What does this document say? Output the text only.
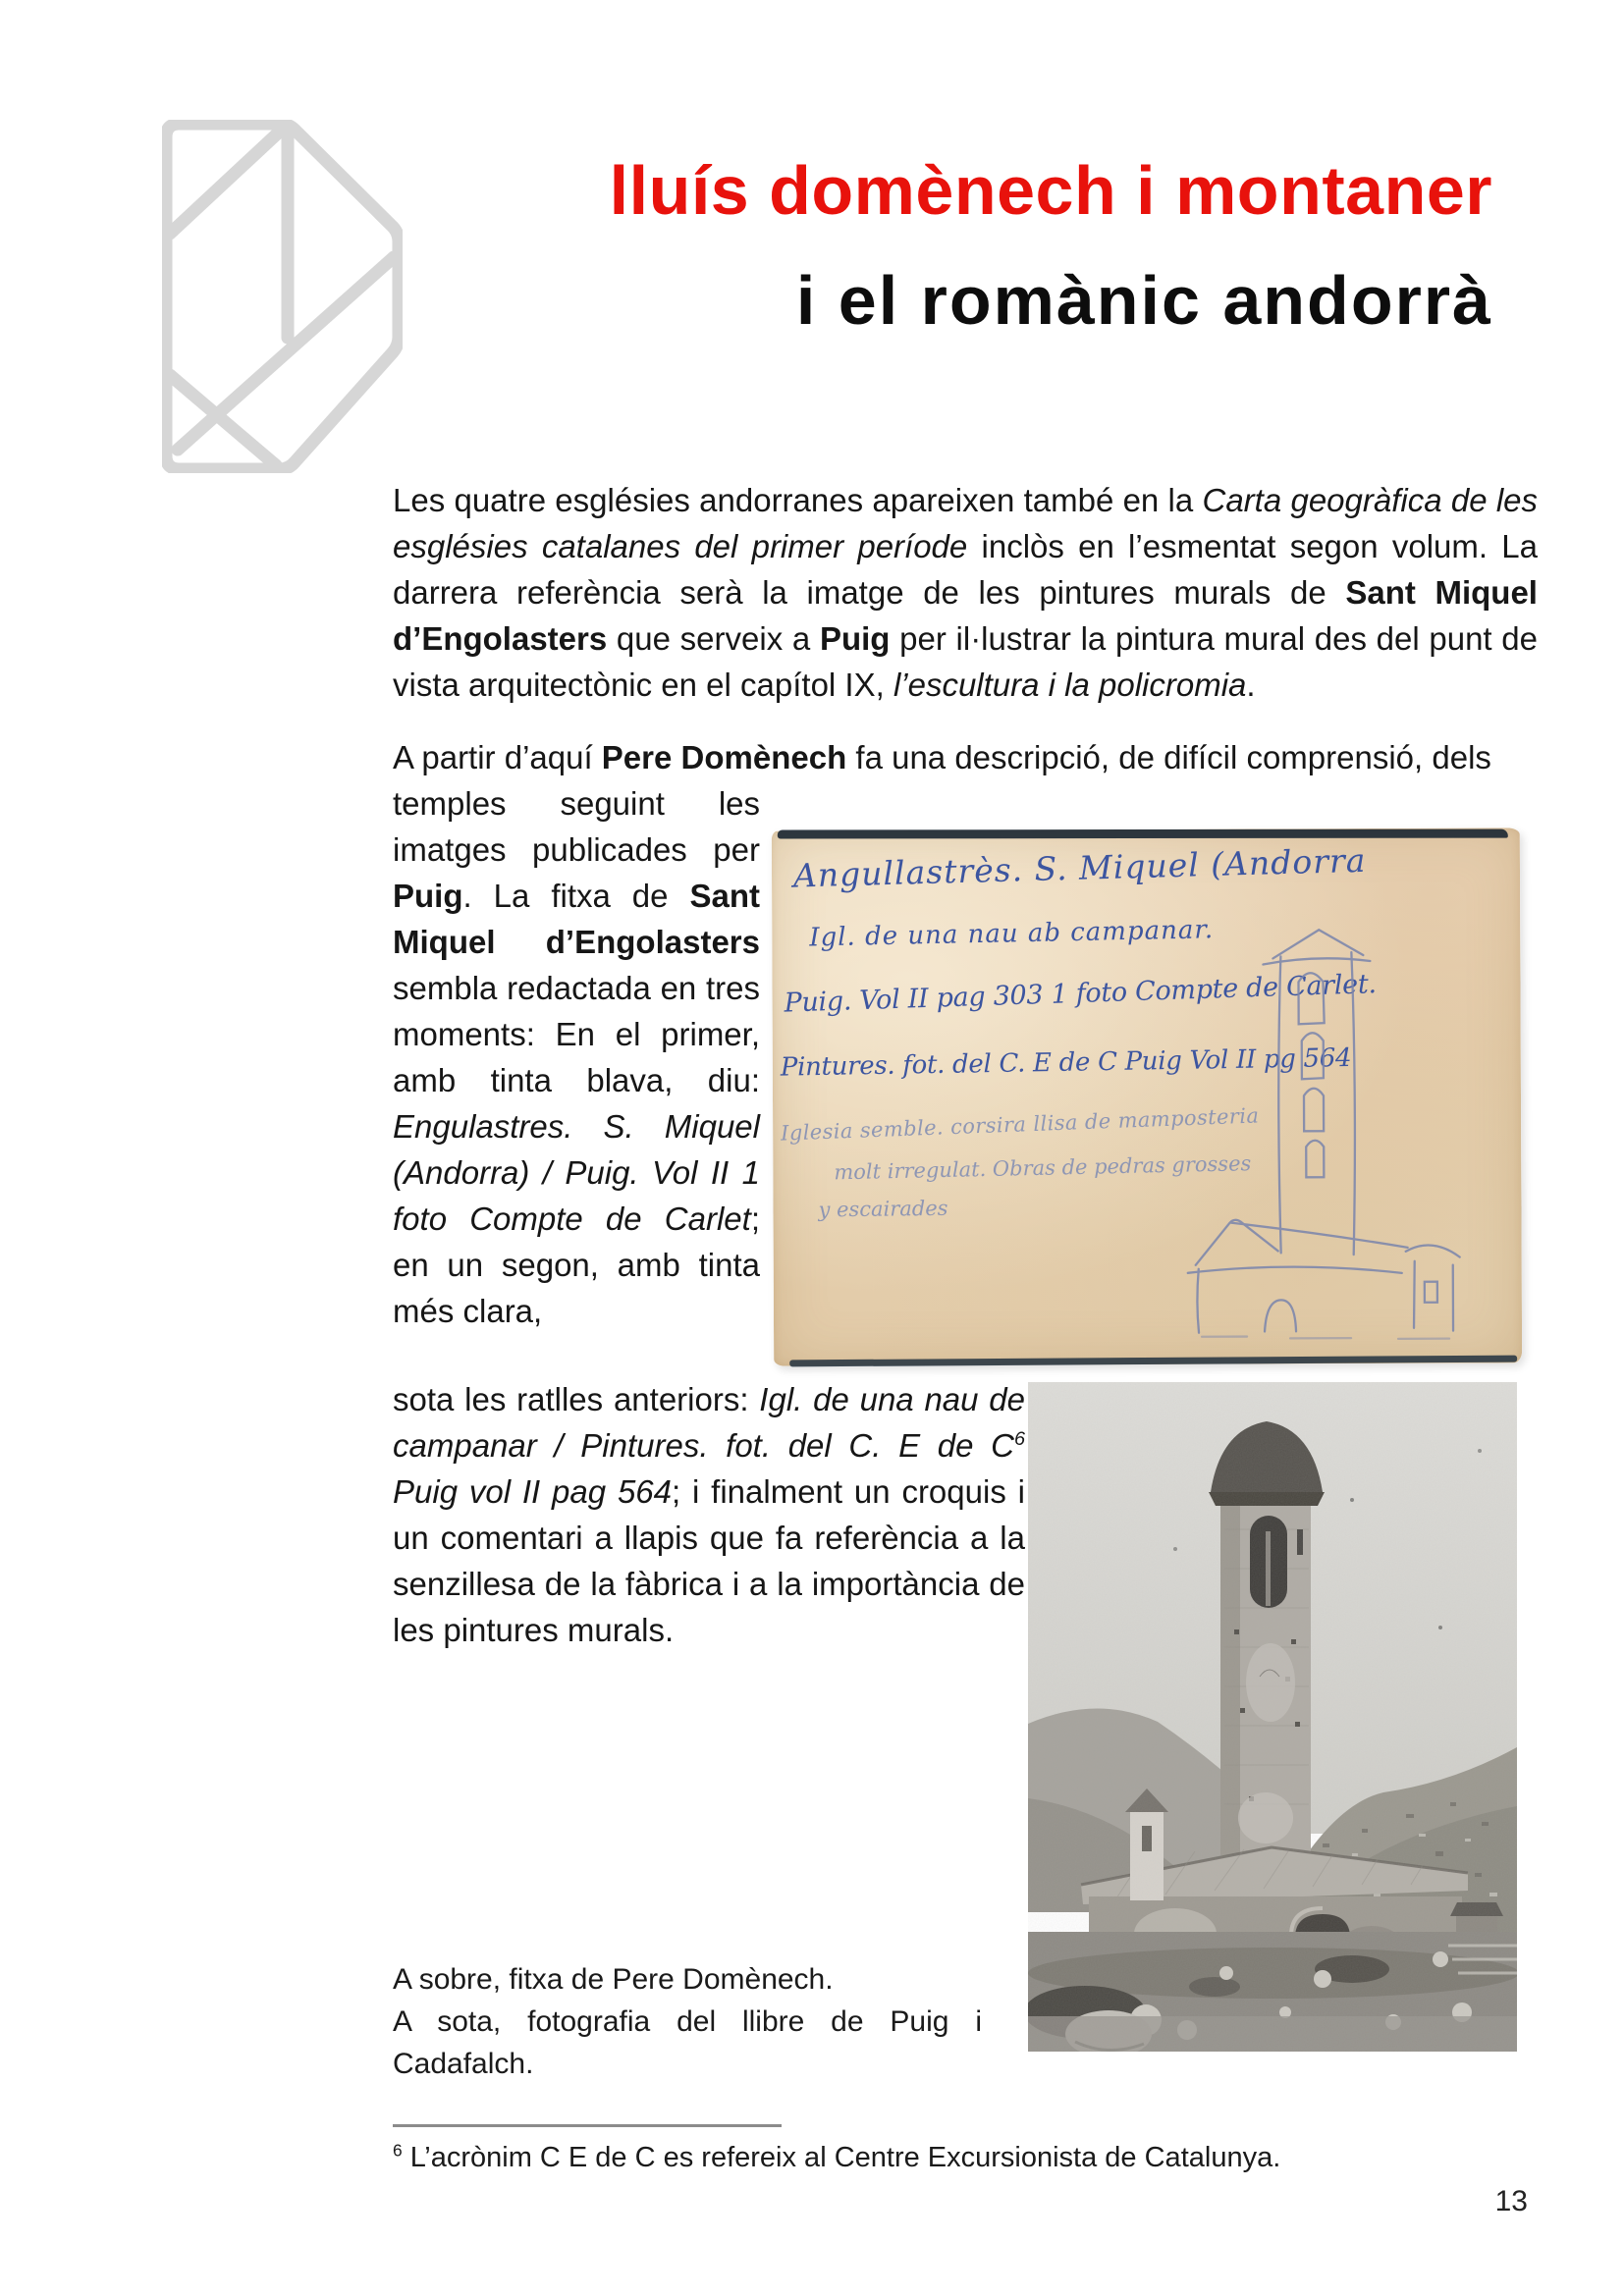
lluís domènech i montaner
i el romànic andorrà

Les quatre esglésies andorranes apareixen també en la Carta geogràfica de les esglésies catalanes del primer període inclòs en l’esmentat segon volum. La darrera referència serà la imatge de les pintures murals de Sant Miquel d’Engolasters que serveix a Puig per il·lustrar la pintura mural des del punt de vista arquitectònic en el capítol IX, l’escultura i la policromia.

A partir d’aquí Pere Domènech fa una descripció, de difícil comprensió, dels

temples seguint les imatges publicades per Puig. La fitxa de Sant Miquel d’Engolasters sembla redactada en tres moments: En el primer, amb tinta blava, diu: Engulastres. S. Miquel (Andorra) / Puig. Vol II 1 foto Compte de Carlet; en un segon, amb tinta més clara,

sota les ratlles anteriors: Igl. de una nau de campanar / Pintures. fot. del C. E de $C^6$ Puig vol II pag 564; i finalment un croquis i un comentari a llapis que fa referència a la senzillesa de la fàbrica i a la importància de les pintures murals.

Angullastrès. S. Miquel (Andorra
Igl. de una nau ab campanar.
Puig. Vol II pag 303 1 foto Compte de Carlet.
Pintures. fot. del C. E de C Puig Vol II pg 564
Iglesia semble. corsira llisa de mamposteria
molt irregulat. Obras de pedras grosses
y escairades
A sobre, fitxa de Pere Domènech.
A sota, fotografia del llibre de Puig i
Cadafalch.

$^6$ L’acrònim C E de C es refereix al Centre Excursionista de Catalunya.

13
